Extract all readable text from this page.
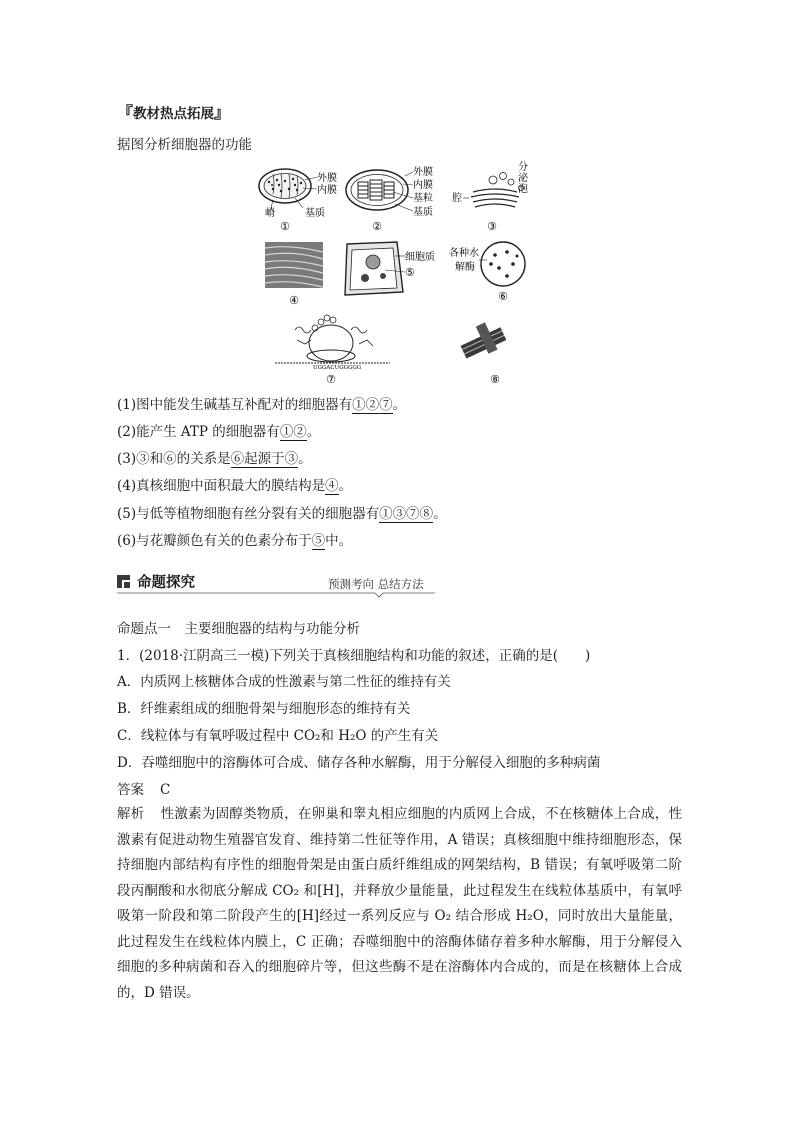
『教材热点拓展』
据图分析细胞器的功能
外膜
内膜
嵴	基质
①
外膜
内膜
基粒
基质
②
腔
分
泌
泡
③
④
细胞质
⑤
各种水
解酶
⑥
UGGACUGGGGG
⑦	⑧
(1)图中能发生碱基互补配对的细胞器有①②⑦。
(2)能产生 ATP 的细胞器有①②。
(3)③和⑥的关系是⑥起源于③。
(4)真核细胞中面积最大的膜结构是④。
(5)与低等植物细胞有丝分裂有关的细胞器有①③⑦⑧。
(6)与花瓣颜色有关的色素分布于⑤中。
命题探究	预测考向 总结方法
命题点一　主要细胞器的结构与功能分析
1．(2018·江阴高三一模)下列关于真核细胞结构和功能的叙述，正确的是(　　)
A．内质网上核糖体合成的性激素与第二性征的维持有关
B．纤维素组成的细胞骨架与细胞形态的维持有关
C．线粒体与有氧呼吸过程中 CO₂和 H₂O 的产生有关
D．吞噬细胞中的溶酶体可合成、储存各种水解酶，用于分解侵入细胞的多种病菌
答案 C
解析 性激素为固醇类物质，在卵巢和睾丸相应细胞的内质网上合成，不在核糖体上合成，性激素有促进动物生殖器官发育、维持第二性征等作用，A 错误；真核细胞中维持细胞形态，保持细胞内部结构有序性的细胞骨架是由蛋白质纤维组成的网架结构，B 错误；有氧呼吸第二阶段丙酮酸和水彻底分解成 CO₂ 和[H]，并释放少量能量，此过程发生在线粒体基质中，有氧呼吸第一阶段和第二阶段产生的[H]经过一系列反应与 O₂ 结合形成 H₂O，同时放出大量能量，此过程发生在线粒体内膜上，C 正确；吞噬细胞中的溶酶体储存着多种水解酶，用于分解侵入细胞的多种病菌和吞入的细胞碎片等，但这些酶不是在溶酶体内合成的，而是在核糖体上合成的，D 错误。
